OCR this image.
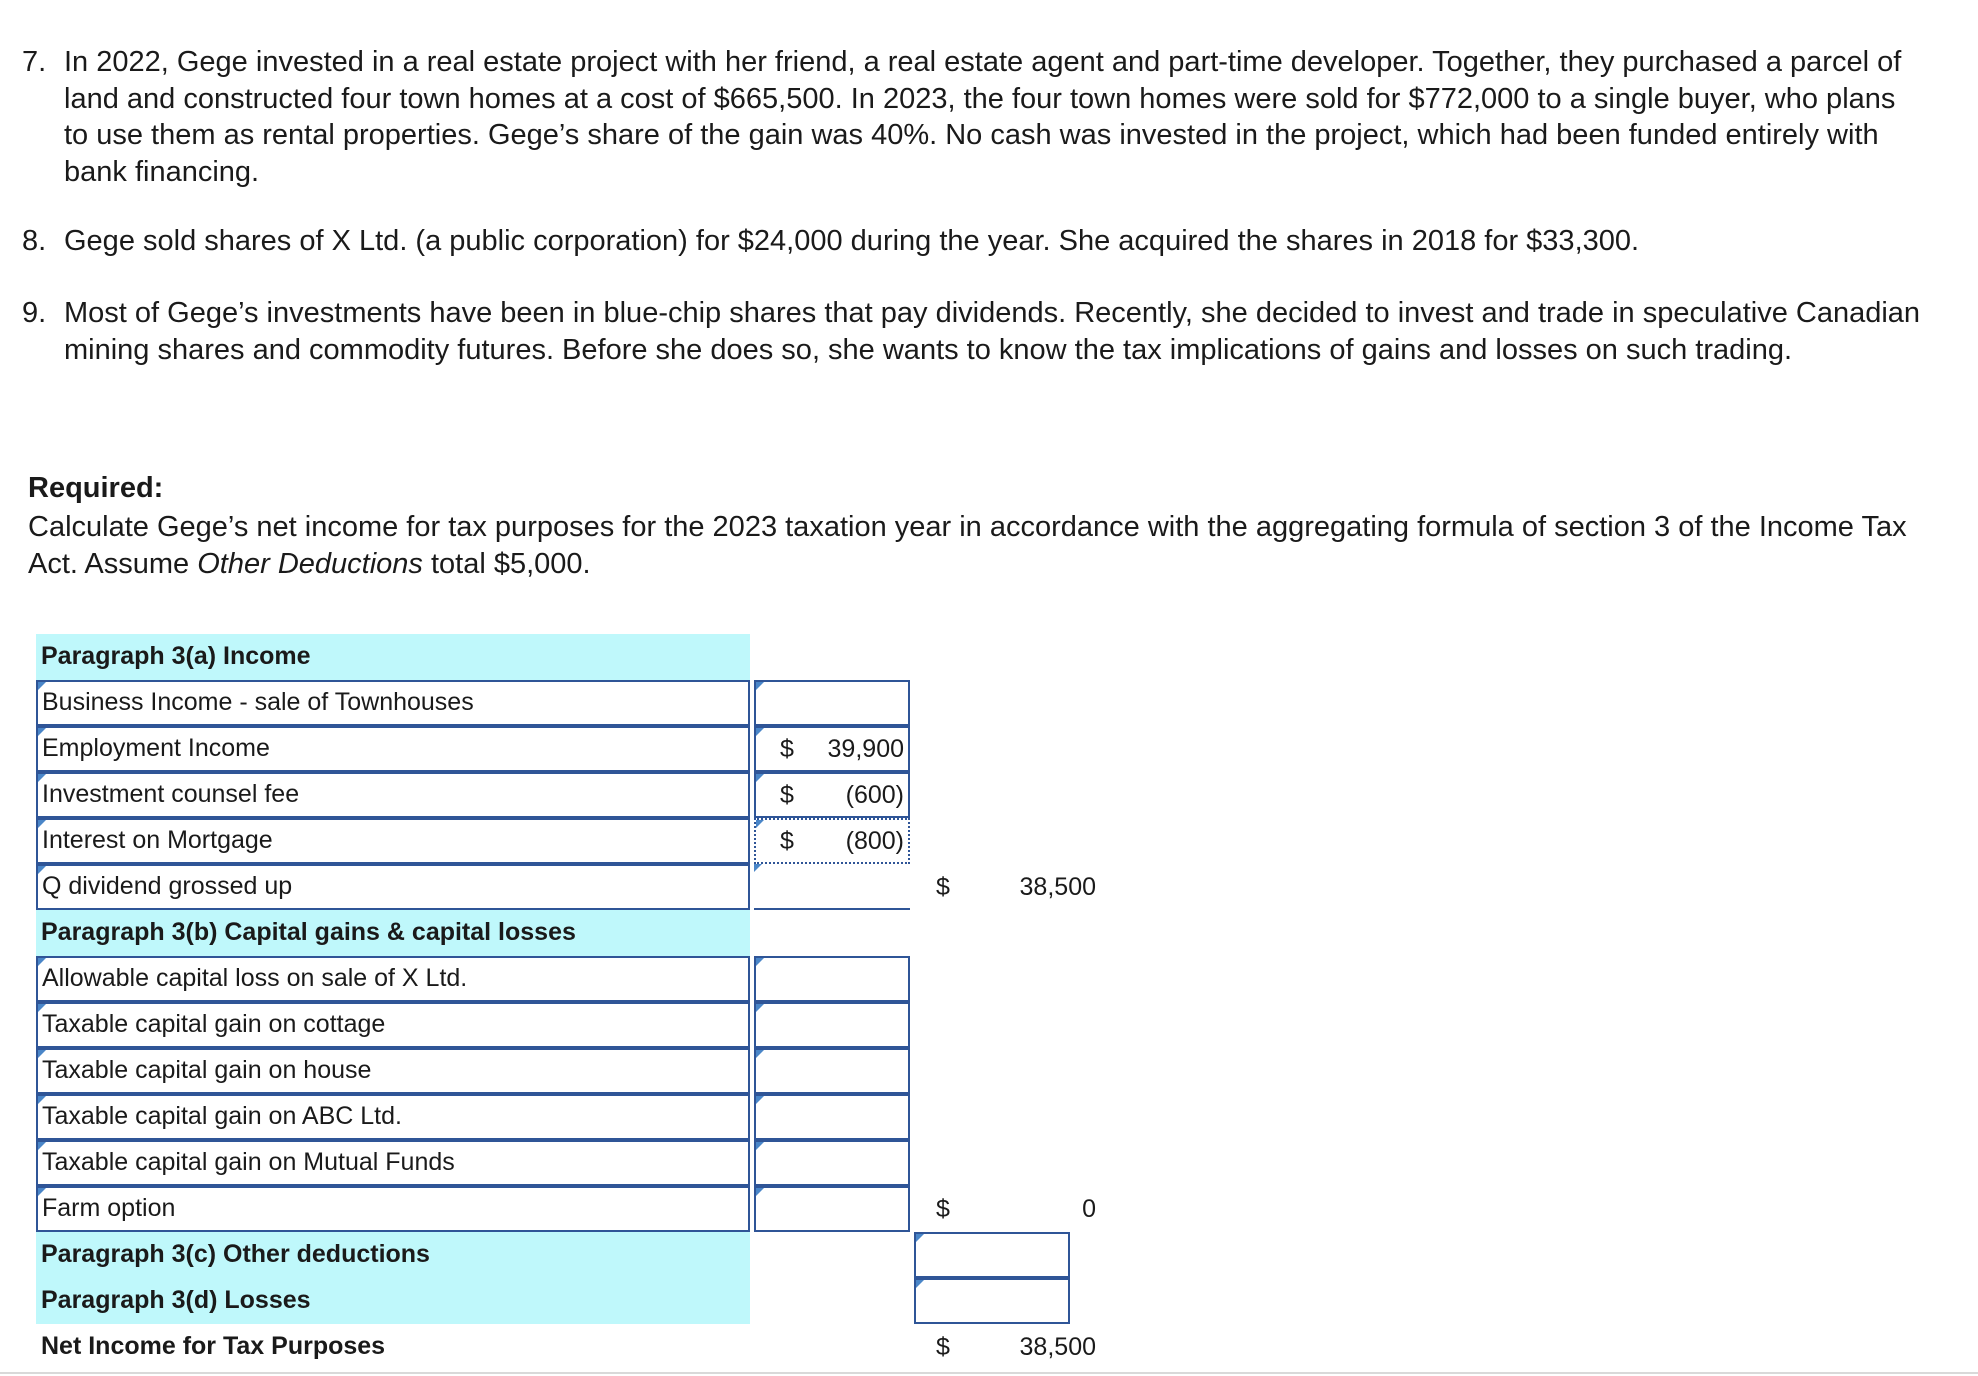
7. In 2022, Gege invested in a real estate project with her friend, a real estate agent and part-time developer. Together, they purchased a parcel of land and constructed four town homes at a cost of $665,500. In 2023, the four town homes were sold for $772,000 to a single buyer, who plans to use them as rental properties. Gege’s share of the gain was 40%. No cash was invested in the project, which had been funded entirely with bank financing.
8. Gege sold shares of X Ltd. (a public corporation) for $24,000 during the year. She acquired the shares in 2018 for $33,300.
9. Most of Gege’s investments have been in blue-chip shares that pay dividends. Recently, she decided to invest and trade in speculative Canadian mining shares and commodity futures. Before she does so, she wants to know the tax implications of gains and losses on such trading.
Required:
Calculate Gege’s net income for tax purposes for the 2023 taxation year in accordance with the aggregating formula of section 3 of the Income Tax Act. Assume Other Deductions total $5,000.
Paragraph 3(a) Income
Business Income - sale of Townhouses
Employment Income	$ 39,900
Investment counsel fee	$ (600)
Interest on Mortgage	$ (800)
Q dividend grossed up	$	38,500
Paragraph 3(b) Capital gains & capital losses
Allowable capital loss on sale of X Ltd.
Taxable capital gain on cottage
Taxable capital gain on house
Taxable capital gain on ABC Ltd.
Taxable capital gain on Mutual Funds
Farm option	$	0
Paragraph 3(c) Other deductions
Paragraph 3(d) Losses
Net Income for Tax Purposes	$	38,500
